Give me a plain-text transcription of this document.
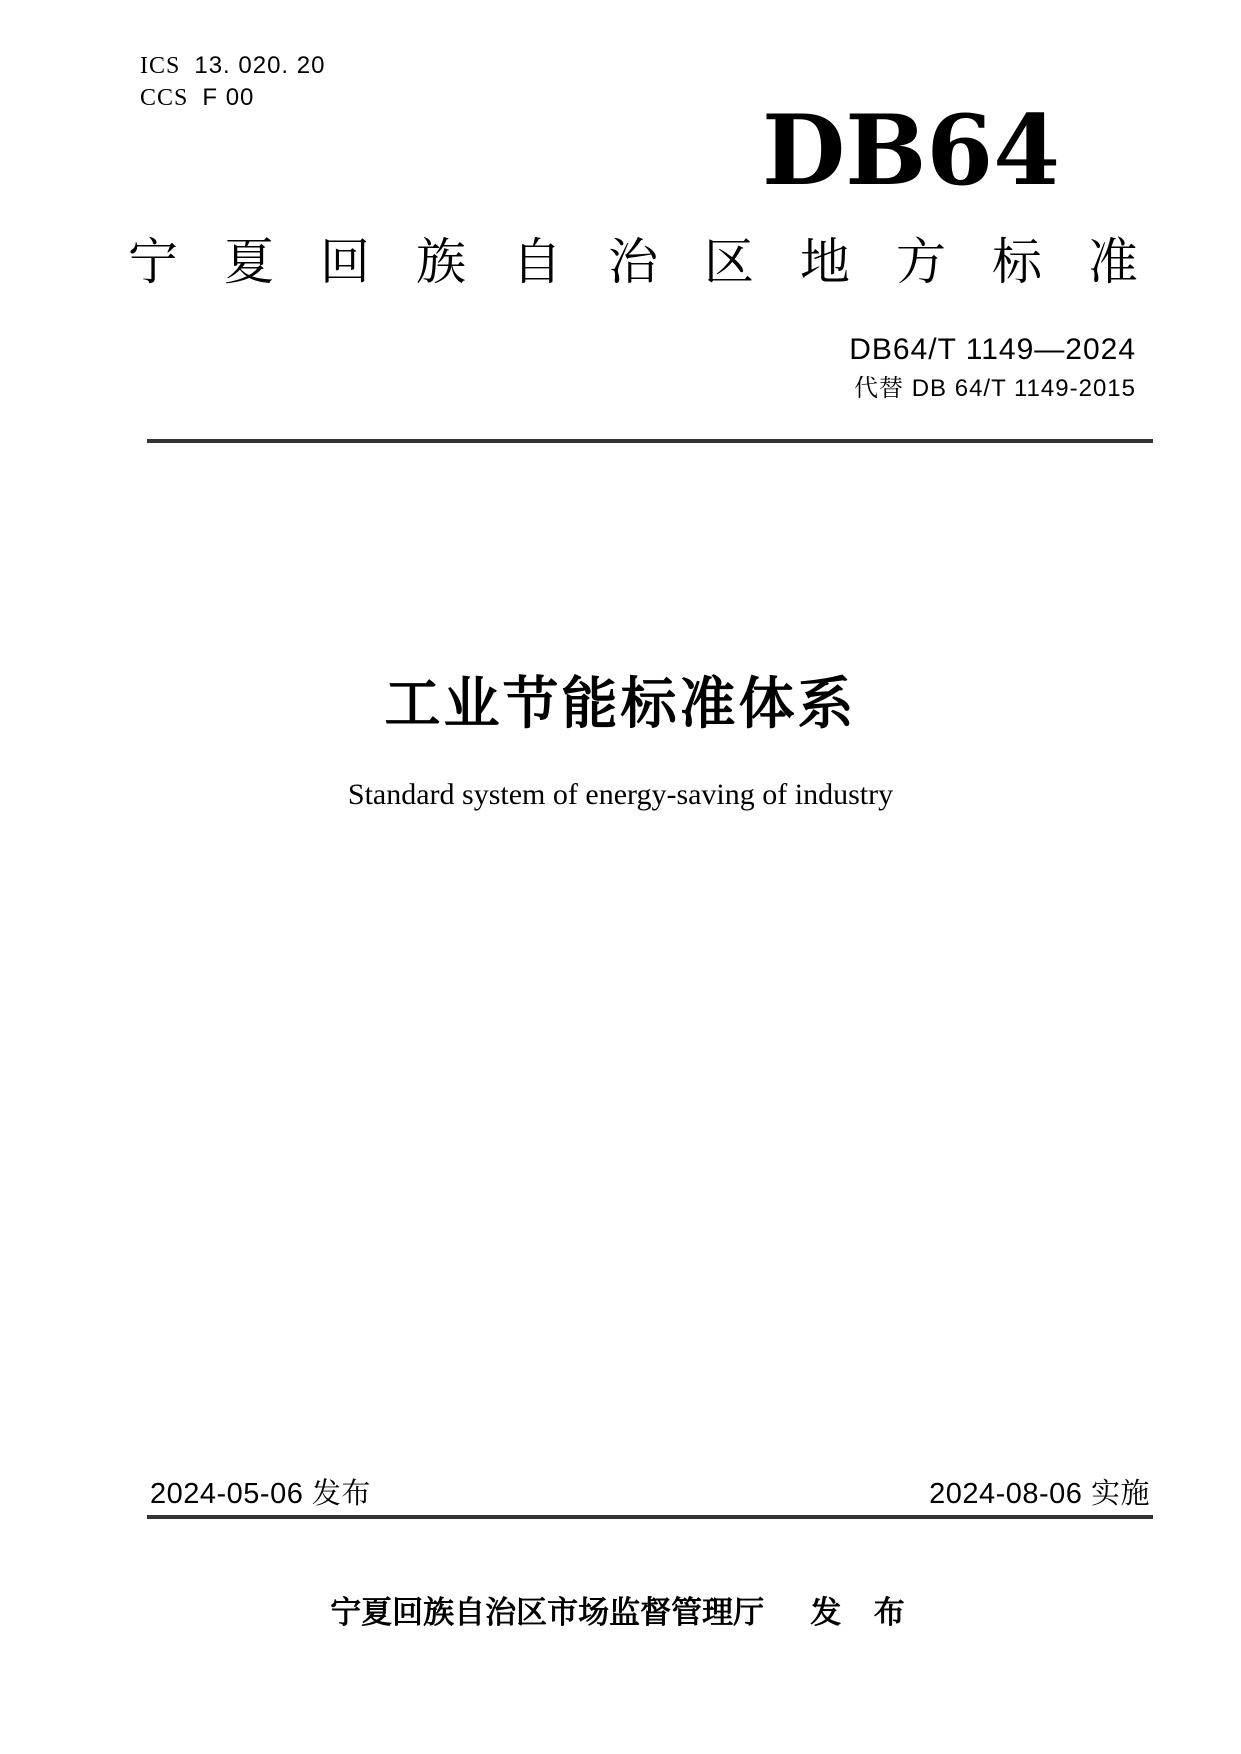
ICS 13. 020. 20
CCS F 00	DB64
宁夏回族自治区地方标准
DB64/T 1149—2024
代替 DB 64/T 1149-2015
工业节能标准体系
Standard system of energy-saving of industry
2024-05-06 发布	2024-08-06 实施
宁夏回族自治区市场监督管理厅 发 布
